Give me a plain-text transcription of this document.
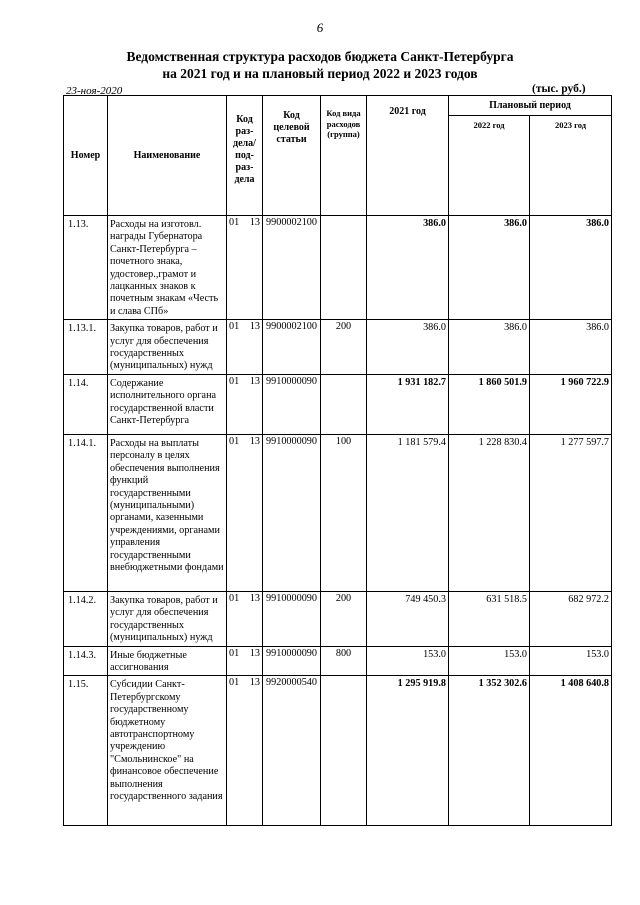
6
Ведомственная структура расходов бюджета Санкт-Петербурга
на 2021 год и на плановый период 2022 и 2023 годов
23-ноя-2020	(тыс. руб.)
Номер	Наименование	Код раз-дела/ под-раз-дела	Код целевой статьи	Код вида расходов (группа)	2021 год	Плановый период	
						2022 год	2023 год
1.13.	Расходы на изготовл. награды Губернатора Санкт-Петербурга – почетного знака, удостовер.,грамот и лацканных знаков к почетным знакам «Честь и слава СПб»	01 13	9900002100		386.0	386.0	386.0
1.13.1.	Закупка товаров, работ и услуг для обеспечения государственных (муниципальных) нужд	01 13	9900002100	200	386.0	386.0	386.0
1.14.	Содержание исполнительного органа государственной власти Санкт-Петербурга	01 13	9910000090		1 931 182.7	1 860 501.9	1 960 722.9
1.14.1.	Расходы на выплаты персоналу в целях обеспечения выполнения функций государственными (муниципальными) органами, казенными учреждениями, органами управления государственными внебюджетными фондами	01 13	9910000090	100	1 181 579.4	1 228 830.4	1 277 597.7
1.14.2.	Закупка товаров, работ и услуг для обеспечения государственных (муниципальных) нужд	01 13	9910000090	200	749 450.3	631 518.5	682 972.2
1.14.3.	Иные бюджетные ассигнования	01 13	9910000090	800	153.0	153.0	153.0
1.15.	Субсидии Санкт-Петербургскому государственному бюджетному автотранспортному учреждению "Смольнинское" на финансовое обеспечение выполнения государственного задания	01 13	9920000540		1 295 919.8	1 352 302.6	1 408 640.8
